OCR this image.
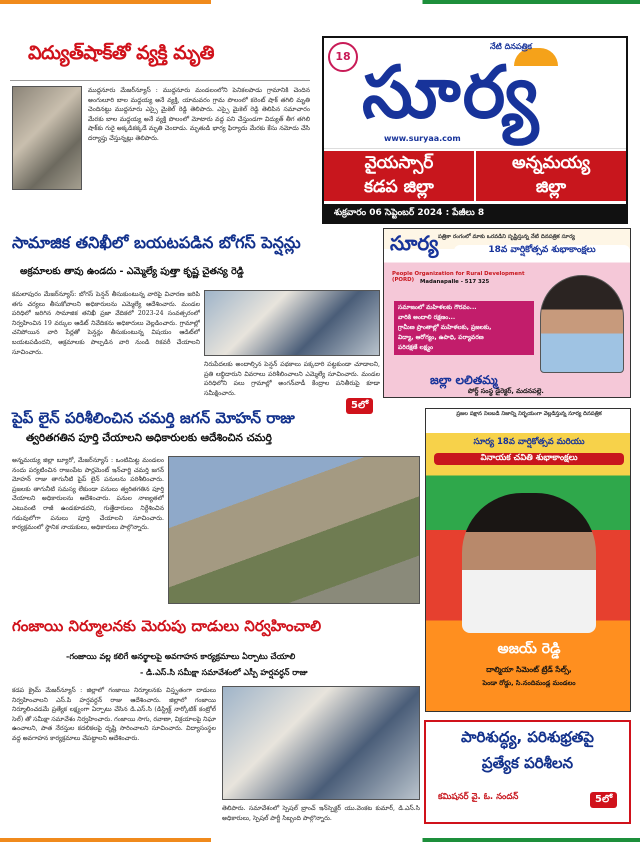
విద్యుత్‌షాక్‌తో వ్యక్తి మృతి
ముద్దనూరు మేజర్‌న్యూస్ : ముద్దనూరు మండలంలోని పెనికలపాడు గ్రామానికి చెందిన అంగులూరి బాల మద్దయ్య అనే వ్యక్తి, యామవరం గ్రామ పొలంలో కరెంట్ షాక్ తగిలి మృతి చెందినట్టు ముద్దనూరు ఎస్సై మైకెల్ రెడ్డి తెలిపారు. ఎస్సై మైకెల్ రెడ్డి తెలిపిన సమాచారం మేరకు బాల మద్దయ్య అనే వ్యక్తి పొలంలో మోటారు వద్ద పని చేస్తుండగా విద్యుత్ తీగ తగిలి షాక్‌కు గురై అక్కడికక్కడే మృతి చెందాడు. మృతుడి భార్య ఫిర్యాదు మేరకు కేసు నమోదు చేసి దర్యాప్తు చేస్తున్నట్లు తెలిపారు.
18
నేటి దినపత్రిక
సూర్య
www.suryaa.com
వైయస్సార్
కడప జిల్లా
అన్నమయ్య
జిల్లా
శుక్రవారం 06 సెప్టెంబర్ 2024 : పేజీలు 8
సామాజిక తనిఖీలో బయటపడిన బోగస్ పెన్షన్లు
అక్రమాలకు తావు ఉండదు - ఎమ్మెల్యే పుత్తా కృష్ణ చైతన్య రెడ్డి
కమలాపురం మేజర్‌న్యూస్: బోగస్ పెన్షన్ తీసుకుంటున్న వారిపై విచారణ జరిపి తగు చర్యలు తీసుకోవాలని అధికారులను ఎమ్మెల్యే ఆదేశించారు. మండల పరిధిలో జరిగిన సామాజిక తనిఖీ ప్రజా వేదికలో 2023-24 సంవత్సరంలో నిర్వహించిన 19 వర్కుల ఆడిట్ నివేదికను అధికారులు వెల్లడించారు. గ్రామాల్లో చనిపోయిన వారి పేర్లతో పెన్షన్లు తీసుకుంటున్న విషయం ఆడిట్‌లో బయటపడిందని, అక్రమాలకు పాల్పడిన వారి నుండి రికవరీ చేయాలని సూచించారు.
నిరుపేదలకు అందాల్సిన పెన్షన్ పథకాలు పక్కదారి పట్టకుండా చూడాలని, ప్రతి లబ్ధిదారుని వివరాలు పరిశీలించాలని ఎమ్మెల్యే సూచించారు. మండల పరిధిలోని పలు గ్రామాల్లో అంగన్‌వాడీ కేంద్రాల పనితీరుపై కూడా సమీక్షించారు.
5లో
పత్రికా రంగంలో మాకు ఒరవడిని సృష్టిస్తున్న నేటి దినపత్రిక సూర్య
సూర్య	18వ వార్షికోత్సవ శుభాకాంక్షలు
People Organization for Rural Development (PORD)	Madanapalle - 517 325
సమాజంలో మహిళలకు గౌరవం...
వారికి అందాలి రక్షణం...
గ్రామీణ ప్రాంతాల్లో మహిళలకు, ప్రజలకు,
విద్యా, ఆరోగ్యం, ఉపాధి, పర్యావరణ
పరిరక్షణే లక్ష్యం
జల్లా లలితమ్మ
పోర్డ్ సంస్థ డైరెక్టర్, మదనపల్లె.
పైప్ లైన్ పరిశీలించిన చమర్తి జగన్ మోహన్ రాజు
త్వరితగతిన పూర్తి చేయాలని అధికారులకు ఆదేశించిన చమర్తి
అన్నమయ్య జిల్లా బ్యూరో, మేజర్‌న్యూస్ : ఒంటిమిట్ట మండలం నందు పర్యటించిన రాజంపేట పార్లమెంట్ ఇన్‌చార్జి చమర్తి జగన్ మోహన్ రాజు తాగునీటి పైప్ లైన్ పనులను పరిశీలించారు. ప్రజలకు తాగునీటి సమస్య లేకుండా పనులు త్వరితగతిన పూర్తి చేయాలని అధికారులను ఆదేశించారు. పనుల నాణ్యతలో ఎటువంటి రాజీ ఉండకూడదని, గుత్తేదారులు నిర్దేశించిన గడువులోగా పనులు పూర్తి చేయాలని సూచించారు. కార్యక్రమంలో స్థానిక నాయకులు, అధికారులు పాల్గొన్నారు.
ప్రజల పక్షాన నిలబడి నిజాన్ని నిర్భయంగా వెల్లడిస్తున్న సూర్య దినపత్రిక
సూర్య 18వ వార్షికోత్సవ మరియు
వినాయక చవితి శుభాకాంక్షలు
అజయ్ రెడ్డి
దాల్మియా సిమెంట్ ట్రేడ్ సేల్స్,
పెండా రోడ్డు, సి.నందిమండ్ల మండలం
గంజాయి నిర్మూలనకు మెరుపు దాడులు నిర్వహించాలి
-గంజాయి వల్ల కలిగే అనర్థాలపై అవగాహన కార్యక్రమాలు ఏర్పాటు చేయాలి
- డి.ఎస్.సి సమీక్షా సమావేశంలో ఎస్పీ హర్షవర్ధన్ రాజు
కడప క్రైమ్ మేజర్‌న్యూస్ : జిల్లాలో గంజాయి నిర్మూలనకు విస్తృతంగా దాడులు నిర్వహించాలని ఎస్.పి హర్షవర్ధన్ రాజు ఆదేశించారు. జిల్లాలో గంజాయి నిర్మూలించడమే ప్రత్యేక లక్ష్యంగా ఏర్పాటు చేసిన డి.ఎస్.సి (డిస్ట్రిక్ట్ నార్కోటిక్ కంట్రోల్ సెల్) తో సమీక్షా సమావేశం నిర్వహించారు. గంజాయి సాగు, రవాణా, విక్రయాలపై నిఘా ఉంచాలని, పాత నేరస్తుల కదలికలపై దృష్టి సారించాలని సూచించారు. విద్యాసంస్థల వద్ద అవగాహన కార్యక్రమాలు చేపట్టాలని ఆదేశించారు.
తెలిపారు. సమావేశంలో స్పెషల్ బ్రాంచ్ ఇన్‌స్పెక్టర్ యు.వెంకట కుమార్, డి.ఎస్.సి అధికారులు, స్పెషల్ పార్టీ సిబ్బంది పాల్గొన్నారు.
పారిశుద్ధ్య, పరిశుభ్రతపై
ప్రత్యేక పరిశీలన
కమిషనర్ వై. ఓ. నందన్	5లో
